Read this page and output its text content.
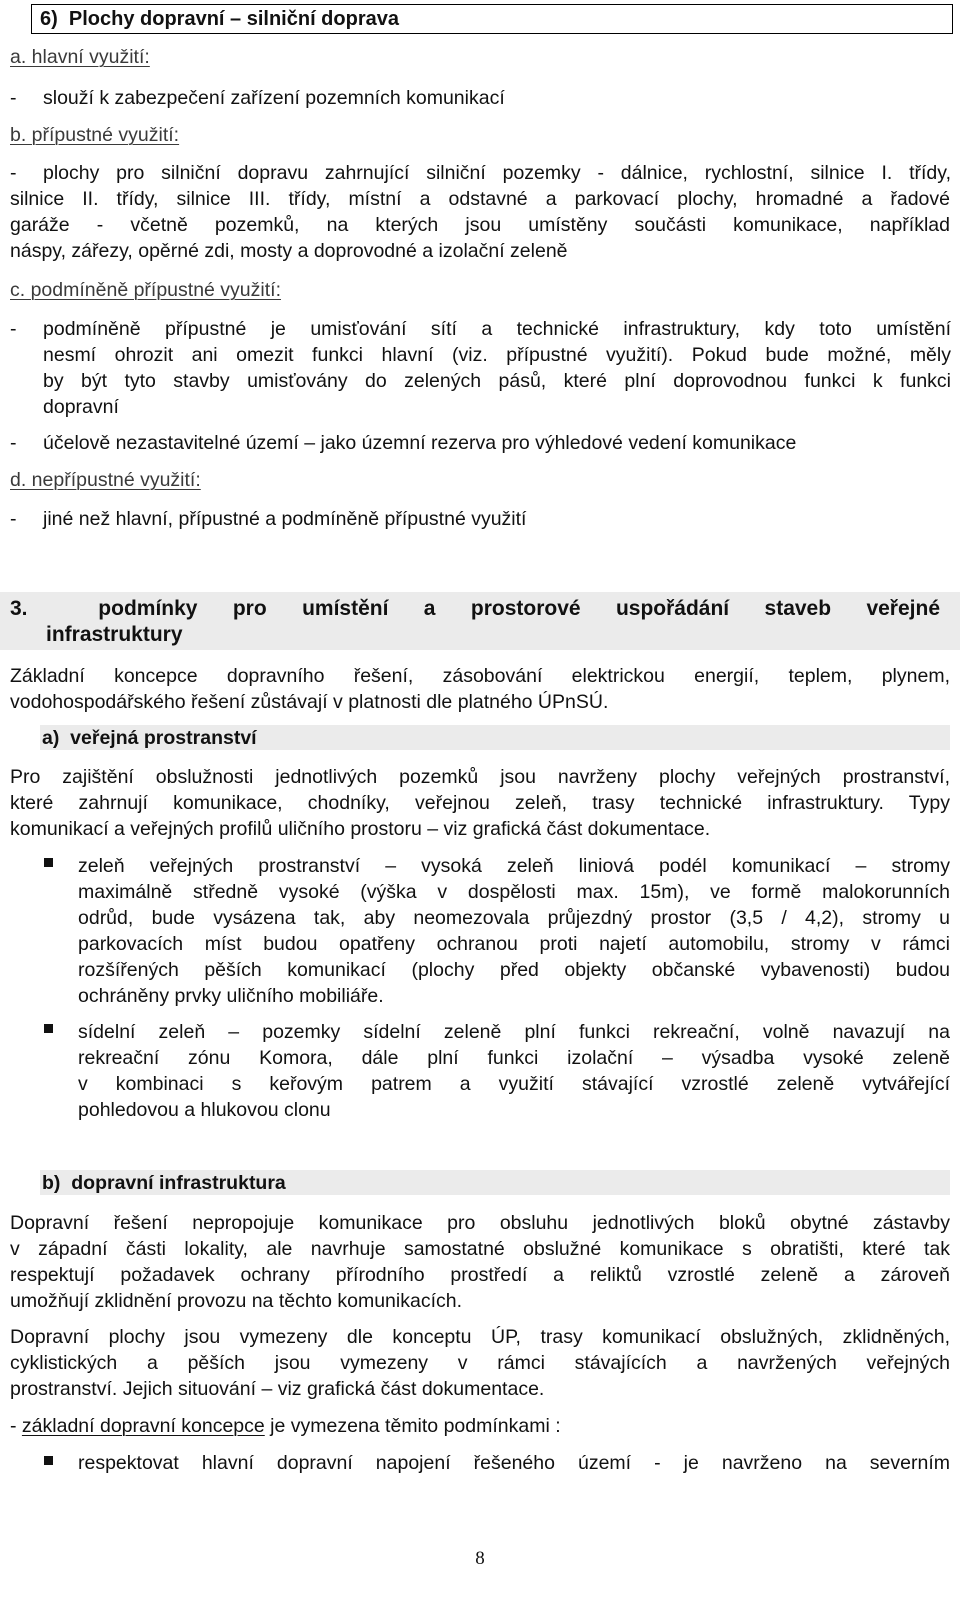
6)  Plochy dopravní – silniční doprava
a. hlavní využití:
- slouží k zabezpečení zařízení pozemních komunikací
b. přípustné využití:
- plochy pro silniční dopravu zahrnující silniční pozemky - dálnice, rychlostní, silnice I. třídy,
silnice II. třídy, silnice III. třídy, místní a odstavné a parkovací plochy, hromadné a řadové
garáže - včetně pozemků, na kterých jsou umístěny součásti komunikace, například
náspy, zářezy, opěrné zdi, mosty a doprovodné a izolační zeleně
c. podmíněně přípustné využití:
- podmíněně přípustné je umisťování sítí a technické infrastruktury, kdy toto umístění
nesmí ohrozit ani omezit funkci hlavní (viz. přípustné využití). Pokud bude možné, měly
by být tyto stavby umisťovány do zelených pásů, které plní doprovodnou funkci k funkci
dopravní
- účelově nezastavitelné území – jako územní rezerva pro výhledové vedení komunikace
d. nepřípustné využití:
- jiné než hlavní, přípustné a podmíněně přípustné využití
3.  podmínky pro umístění a prostorové uspořádání staveb veřejné
infrastruktury
Základní koncepce dopravního řešení, zásobování elektrickou energií, teplem, plynem,
vodohospodářského řešení zůstávají v platnosti dle platného ÚPnSÚ.
a)  veřejná prostranství
Pro zajištění obslužnosti jednotlivých pozemků jsou navrženy plochy veřejných prostranství,
které zahrnují komunikace, chodníky, veřejnou zeleň, trasy technické infrastruktury. Typy
komunikací a veřejných profilů uličního prostoru – viz grafická část dokumentace.
zeleň veřejných prostranství – vysoká zeleň liniová podél komunikací – stromy
maximálně středně vysoké (výška v dospělosti max. 15m), ve formě malokorunních
odrůd, bude vysázena tak, aby neomezovala průjezdný prostor (3,5 / 4,2), stromy u
parkovacích míst budou opatřeny ochranou proti najetí automobilu, stromy v rámci
rozšířených pěších komunikací (plochy před objekty občanské vybavenosti) budou
ochráněny prvky uličního mobiliáře.
sídelní zeleň – pozemky sídelní zeleně plní funkci rekreační, volně navazují na
rekreační zónu Komora, dále plní funkci izolační – výsadba vysoké zeleně
v kombinaci s keřovým patrem a využití stávající vzrostlé zeleně vytvářející
pohledovou a hlukovou clonu
b)  dopravní infrastruktura
Dopravní řešení nepropojuje komunikace pro obsluhu jednotlivých bloků obytné zástavby
v západní části lokality, ale navrhuje samostatné obslužné komunikace s obratišti, které tak
respektují požadavek ochrany přírodního prostředí a reliktů vzrostlé zeleně a zároveň
umožňují zklidnění provozu na těchto komunikacích.
Dopravní plochy jsou vymezeny dle konceptu ÚP, trasy komunikací obslužných, zklidněných,
cyklistických a pěších jsou vymezeny v rámci stávajících a navržených veřejných
prostranství. Jejich situování – viz grafická část dokumentace.
- základní dopravní koncepce je vymezena těmito podmínkami :
respektovat hlavní dopravní napojení řešeného území - je navrženo na severním
8
